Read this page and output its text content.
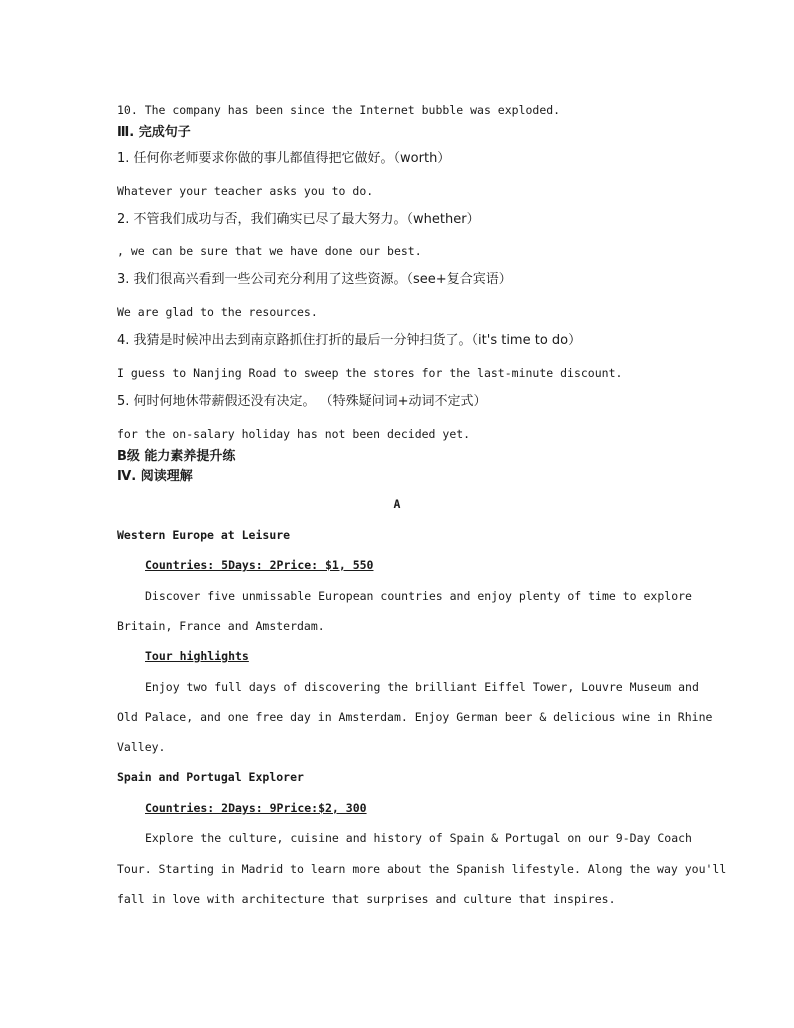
10. The company has been since the Internet bubble was exploded.
Ⅲ. 完成句子
1. 任何你老师要求你做的事儿都值得把它做好。（worth）
Whatever your teacher asks you to do.
2. 不管我们成功与否，我们确实已尽了最大努力。（whether）
, we can be sure that we have done our best.
3. 我们很高兴看到一些公司充分利用了这些资源。（see+复合宾语）
We are glad to the resources.
4. 我猜是时候冲出去到南京路抓住打折的最后一分钟扫货了。（it's time to do）
I guess to Nanjing Road to sweep the stores for the last-minute discount.
5. 何时何地休带薪假还没有决定。 （特殊疑问词+动词不定式）
for the on-salary holiday has not been decided yet.
B级 能力素养提升练
Ⅳ. 阅读理解
A
Western Europe at Leisure
Countries: 5Days: 2Price: $1, 550
Discover five unmissable European countries and enjoy plenty of time to explore
Britain, France and Amsterdam.
Tour highlights
Enjoy two full days of discovering the brilliant Eiffel Tower, Louvre Museum and
Old Palace, and one free day in Amsterdam. Enjoy German beer & delicious wine in Rhine
Valley.
Spain and Portugal Explorer
Countries: 2Days: 9Price:$2, 300
Explore the culture, cuisine and history of Spain & Portugal on our 9-Day Coach
Tour. Starting in Madrid to learn more about the Spanish lifestyle. Along the way you'll
fall in love with architecture that surprises and culture that inspires.
